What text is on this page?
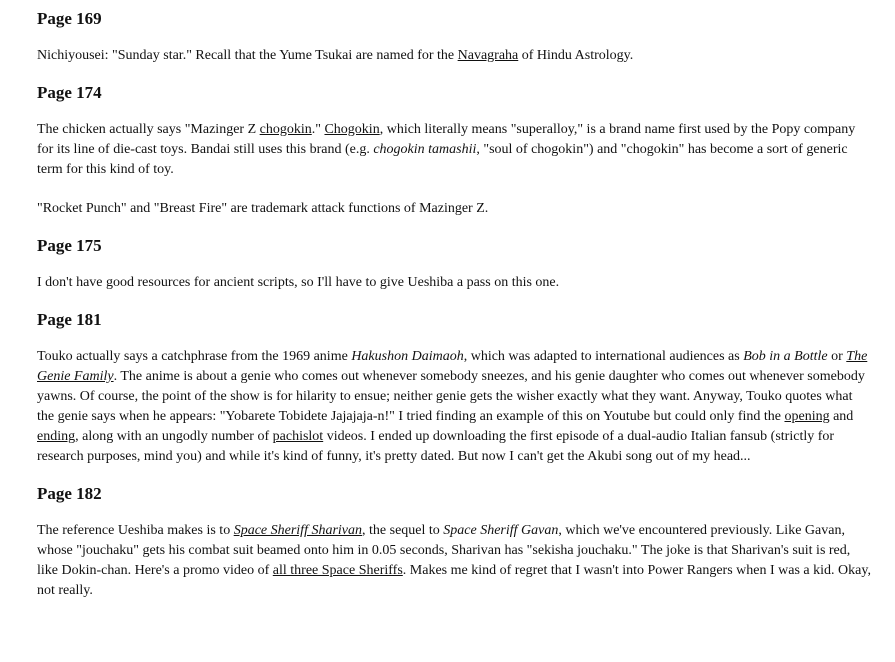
Page 169

Nichiyousei: "Sunday star." Recall that the Yume Tsukai are named for the Navagraha of Hindu Astrology.

Page 174

The chicken actually says "Mazinger Z chogokin." Chogokin, which literally means "superalloy," is a brand name first used by the Popy company for its line of die-cast toys. Bandai still uses this brand (e.g. chogokin tamashii, "soul of chogokin") and "chogokin" has become a sort of generic term for this kind of toy.

"Rocket Punch" and "Breast Fire" are trademark attack functions of Mazinger Z.

Page 175

I don't have good resources for ancient scripts, so I'll have to give Ueshiba a pass on this one.

Page 181

Touko actually says a catchphrase from the 1969 anime Hakushon Daimaoh, which was adapted to international audiences as Bob in a Bottle or The Genie Family. The anime is about a genie who comes out whenever somebody sneezes, and his genie daughter who comes out whenever somebody yawns. Of course, the point of the show is for hilarity to ensue; neither genie gets the wisher exactly what they want. Anyway, Touko quotes what the genie says when he appears: "Yobarete Tobidete Jajajaja-n!" I tried finding an example of this on Youtube but could only find the opening and ending, along with an ungodly number of pachislot videos. I ended up downloading the first episode of a dual-audio Italian fansub (strictly for research purposes, mind you) and while it's kind of funny, it's pretty dated. But now I can't get the Akubi song out of my head...

Page 182

The reference Ueshiba makes is to Space Sheriff Sharivan, the sequel to Space Sheriff Gavan, which we've encountered previously. Like Gavan, whose "jouchaku" gets his combat suit beamed onto him in 0.05 seconds, Sharivan has "sekisha jouchaku." The joke is that Sharivan's suit is red, like Dokin-chan. Here's a promo video of all three Space Sheriffs. Makes me kind of regret that I wasn't into Power Rangers when I was a kid. Okay, not really.
